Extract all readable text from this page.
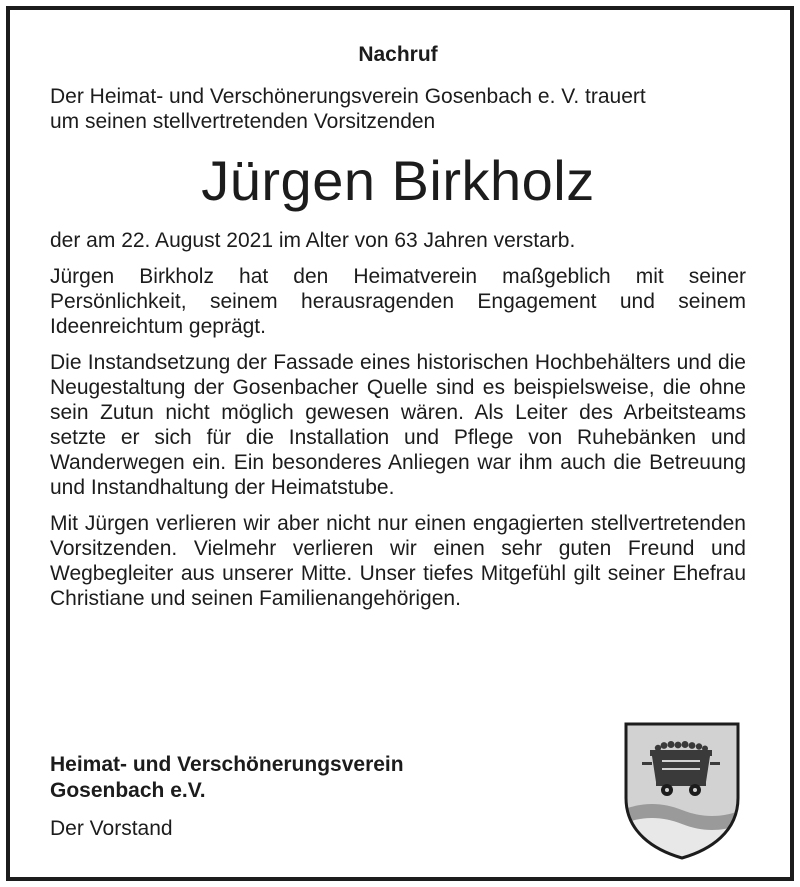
Nachruf

Der Heimat- und Verschönerungsverein Gosenbach e. V. trauert

um seinen stellvertretenden Vorsitzenden

Jürgen Birkholz

der am 22. August 2021 im Alter von 63 Jahren verstarb.

Jürgen Birkholz hat den Heimatverein maßgeblich mit seiner Persönlichkeit, seinem herausragenden Engagement und seinem Ideenreichtum geprägt.

Die Instandsetzung der Fassade eines historischen Hochbehälters und die Neugestaltung der Gosenbacher Quelle sind es beispielsweise, die ohne sein Zutun nicht möglich gewesen wären. Als Leiter des Arbeitsteams setzte er sich für die Installation und Pflege von Ruhebänken und Wanderwegen ein. Ein besonderes Anliegen war ihm auch die Betreuung und Instandhaltung der Heimatstube.

Mit Jürgen verlieren wir aber nicht nur einen engagierten stellvertretenden Vorsitzenden. Vielmehr verlieren wir einen sehr guten Freund und Wegbegleiter aus unserer Mitte. Unser tiefes Mitgefühl gilt seiner Ehefrau Christiane und seinen Familienangehörigen.

Heimat- und Verschönerungsverein
Gosenbach e.V.
Der Vorstand
